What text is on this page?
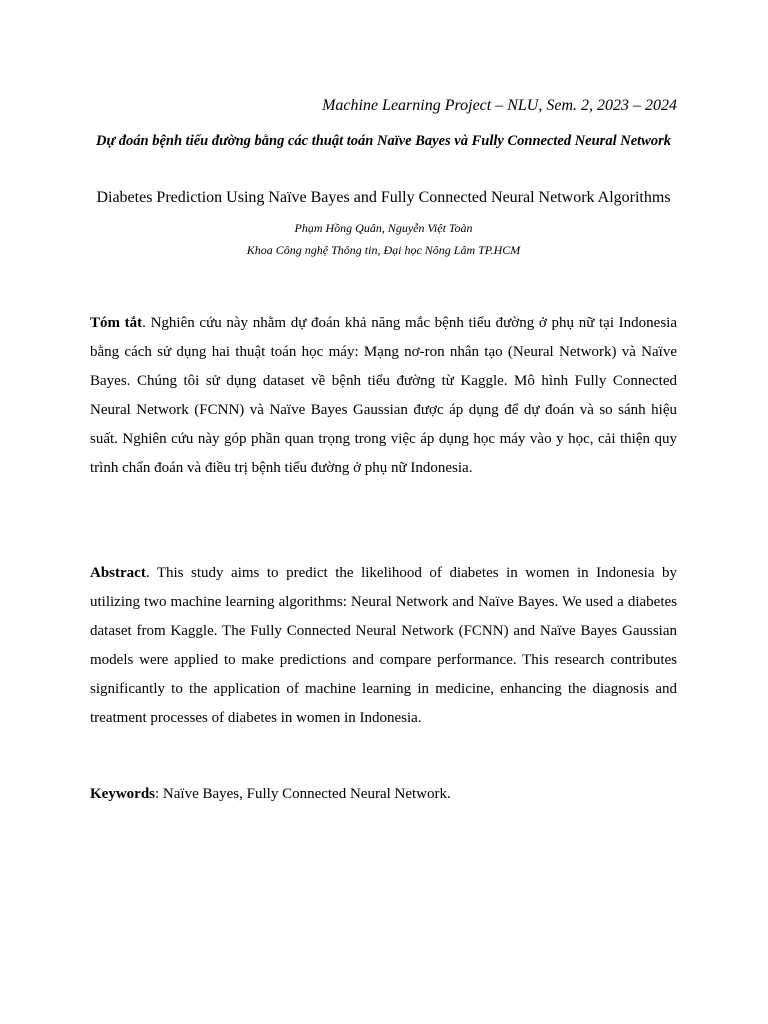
Machine Learning Project – NLU, Sem. 2, 2023 – 2024
Dự đoán bệnh tiểu đường bằng các thuật toán Naïve Bayes và Fully Connected Neural Network
Diabetes Prediction Using Naïve Bayes and Fully Connected Neural Network Algorithms
Phạm Hồng Quân, Nguyễn Việt Toàn
Khoa Công nghệ Thông tin, Đại học Nông Lâm TP.HCM
Tóm tắt. Nghiên cứu này nhằm dự đoán khả năng mắc bệnh tiểu đường ở phụ nữ tại Indonesia bằng cách sử dụng hai thuật toán học máy: Mạng nơ-ron nhân tạo (Neural Network) và Naïve Bayes. Chúng tôi sử dụng dataset về bệnh tiểu đường từ Kaggle. Mô hình Fully Connected Neural Network (FCNN) và Naïve Bayes Gaussian được áp dụng để dự đoán và so sánh hiệu suất. Nghiên cứu này góp phần quan trọng trong việc áp dụng học máy vào y học, cải thiện quy trình chẩn đoán và điều trị bệnh tiểu đường ở phụ nữ Indonesia.
Abstract. This study aims to predict the likelihood of diabetes in women in Indonesia by utilizing two machine learning algorithms: Neural Network and Naïve Bayes. We used a diabetes dataset from Kaggle. The Fully Connected Neural Network (FCNN) and Naïve Bayes Gaussian models were applied to make predictions and compare performance. This research contributes significantly to the application of machine learning in medicine, enhancing the diagnosis and treatment processes of diabetes in women in Indonesia.
Keywords: Naïve Bayes, Fully Connected Neural Network.
